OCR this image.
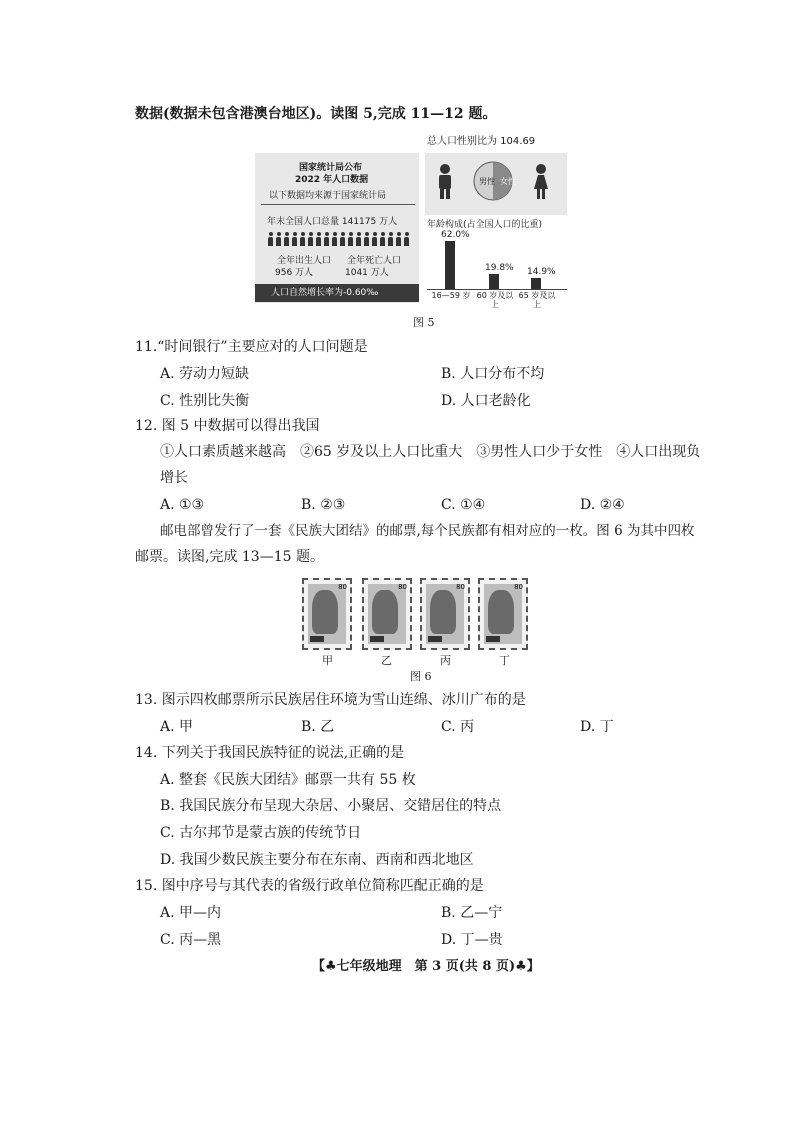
数据(数据未包含港澳台地区)。读图 5,完成 11—12 题。
国家统计局公布
2022 年人口数据
以下数据均来源于国家统计局
年末全国人口总量 141175 万人
全年出生人口
956 万人
全年死亡人口
1041 万人
人口自然增长率为-0.60‰
总人口性别比为 104.69
男性 女性
年龄构成(占全国人口的比重)
62.0%
16—59 岁
19.8%
60 岁及以上
14.9%
65 岁及以上
图 5
11.“时间银行”主要应对的人口问题是
A. 劳动力短缺	B. 人口分布不均
C. 性别比失衡	D. 人口老龄化
12. 图 5 中数据可以得出我国
①人口素质越来越高　②65 岁及以上人口比重大　③男性人口少于女性　④人口出现负
增长
A. ①③	B. ②③	C. ①④	D. ②④
邮电部曾发行了一套《民族大团结》的邮票,每个民族都有相对应的一枚。图 6 为其中四枚
邮票。读图,完成 13—15 题。
80	80	80	80
甲	乙	丙	丁
图 6
13. 图示四枚邮票所示民族居住环境为雪山连绵、冰川广布的是
A. 甲	B. 乙	C. 丙	D. 丁
14. 下列关于我国民族特征的说法,正确的是
A. 整套《民族大团结》邮票一共有 55 枚
B. 我国民族分布呈现大杂居、小聚居、交错居住的特点
C. 古尔邦节是蒙古族的传统节日
D. 我国少数民族主要分布在东南、西南和西北地区
15. 图中序号与其代表的省级行政单位简称匹配正确的是
A. 甲—内	B. 乙—宁
C. 丙—黑	D. 丁—贵
【♣七年级地理　第 3 页(共 8 页)♣】
